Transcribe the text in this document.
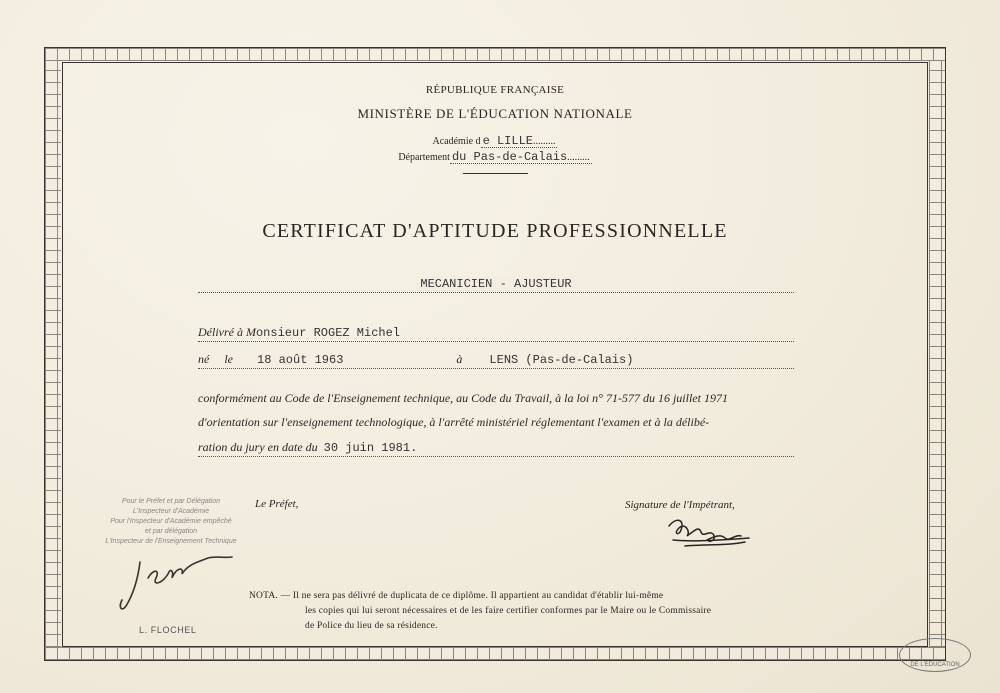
RÉPUBLIQUE FRANÇAISE
MINISTÈRE DE L'ÉDUCATION NATIONALE
Académie d e LILLE.........
Département du Pas-de-Calais.........
CERTIFICAT D'APTITUDE PROFESSIONNELLE
MECANICIEN - AJUSTEUR
Délivré à Monsieur ROGEZ Michel
né le 18 août 1963	à LENS (Pas-de-Calais)
conformément au Code de l'Enseignement technique, au Code du Travail, à la loi n° 71-577 du 16 juillet 1971
d'orientation sur l'enseignement technologique, à l'arrêté ministériel réglementant l'examen et à la délibé-
ration du jury en date du 30 juin 1981.
Pour le Préfet et par Délégation
L'Inspecteur d'Académie
Pour l'Inspecteur d'Académie empêché
et par délégation
L'Inspecteur de l'Enseignement Technique
Le Préfet,	Signature de l'Impétrant,
L. FLOCHEL
NOTA. — Il ne sera pas délivré de duplicata de ce diplôme. Il appartient au candidat d'établir lui-même
les copies qui lui seront nécessaires et de les faire certifier conformes par le Maire ou le Commissaire
de Police du lieu de sa résidence.
DE L'ÉDUCATION
